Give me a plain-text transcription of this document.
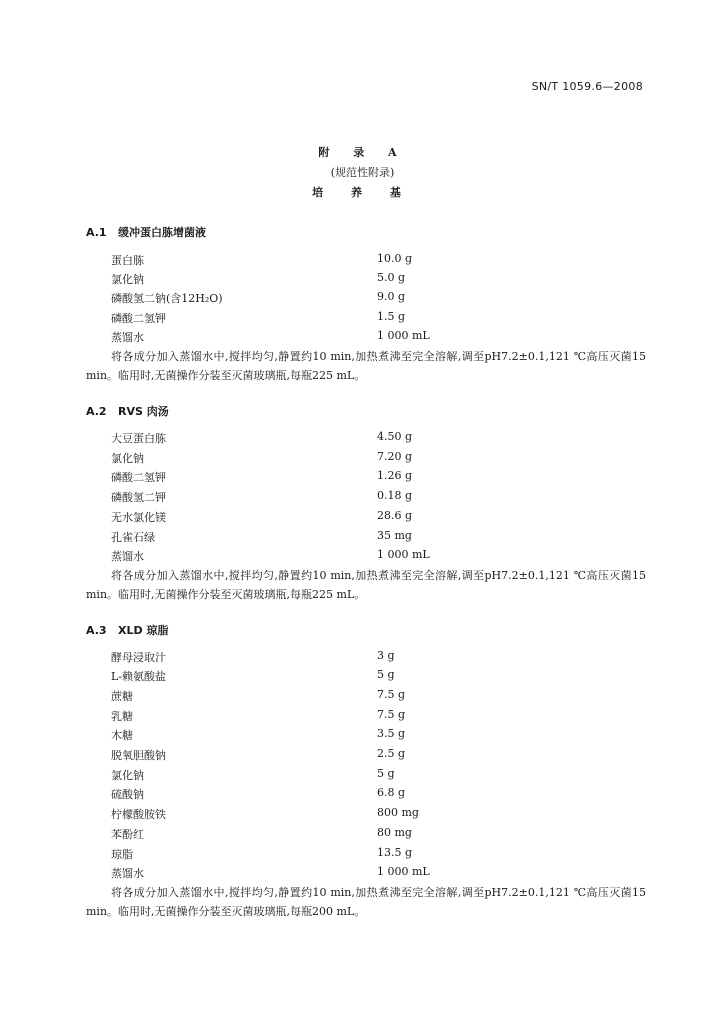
SN/T 1059.6—2008
附 录 A
(规范性附录)
培 养 基
A.1 缓冲蛋白胨增菌液
蛋白胨	10.0 g
氯化钠	5.0 g
磷酸氢二钠(含12H₂O)	9.0 g
磷酸二氢钾	1.5 g
蒸馏水	1 000 mL
将各成分加入蒸馏水中,搅拌均匀,静置约10 min,加热煮沸至完全溶解,调至pH7.2±0.1,121 ℃高压灭菌15 min。临用时,无菌操作分装至灭菌玻璃瓶,每瓶225 mL。
A.2 RVS 肉汤
大豆蛋白胨	4.50 g
氯化钠	7.20 g
磷酸二氢钾	1.26 g
磷酸氢二钾	0.18 g
无水氯化镁	28.6 g
孔雀石绿	35 mg
蒸馏水	1 000 mL
将各成分加入蒸馏水中,搅拌均匀,静置约10 min,加热煮沸至完全溶解,调至pH7.2±0.1,121 ℃高压灭菌15 min。临用时,无菌操作分装至灭菌玻璃瓶,每瓶225 mL。
A.3 XLD 琼脂
酵母浸取汁	3 g
L-赖氨酸盐	5 g
蔗糖	7.5 g
乳糖	7.5 g
木糖	3.5 g
脱氧胆酸钠	2.5 g
氯化钠	5 g
硫酸钠	6.8 g
柠檬酸胺铁	800 mg
苯酚红	80 mg
琼脂	13.5 g
蒸馏水	1 000 mL
将各成分加入蒸馏水中,搅拌均匀,静置约10 min,加热煮沸至完全溶解,调至pH7.2±0.1,121 ℃高压灭菌15 min。临用时,无菌操作分装至灭菌玻璃瓶,每瓶200 mL。
